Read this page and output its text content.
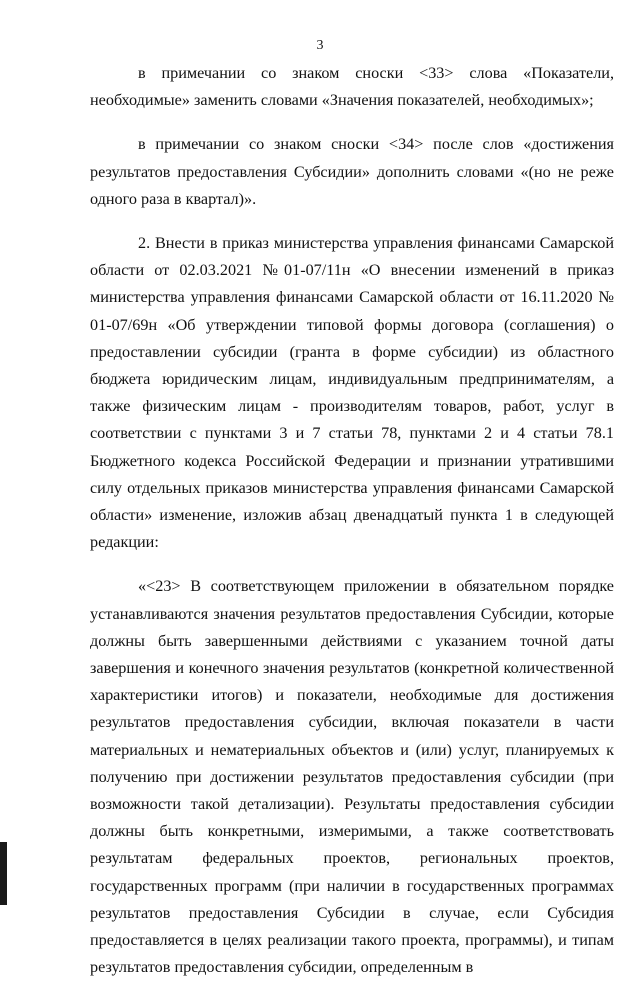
3

в примечании со знаком сноски <33> слова «Показатели, необходимые» заменить словами «Значения показателей, необходимых»;

в примечании со знаком сноски <34> после слов «достижения результатов предоставления Субсидии» дополнить словами «(но не реже одного раза в квартал)».

2. Внести в приказ министерства управления финансами Самарской области от 02.03.2021 №01-07/11н «О внесении изменений в приказ министерства управления финансами Самарской области от 16.11.2020 № 01-07/69н «Об утверждении типовой формы договора (соглашения) о предоставлении субсидии (гранта в форме субсидии) из областного бюджета юридическим лицам, индивидуальным предпринимателям, а также физическим лицам - производителям товаров, работ, услуг в соответствии с пунктами 3 и 7 статьи 78, пунктами 2 и 4 статьи 78.1 Бюджетного кодекса Российской Федерации и признании утратившими силу отдельных приказов министерства управления финансами Самарской области» изменение, изложив абзац двенадцатый пункта 1 в следующей редакции:

«<23> В соответствующем приложении в обязательном порядке устанавливаются значения результатов предоставления Субсидии, которые должны быть завершенными действиями с указанием точной даты завершения и конечного значения результатов (конкретной количественной характеристики итогов) и показатели, необходимые для достижения результатов предоставления субсидии, включая показатели в части материальных и нематериальных объектов и (или) услуг, планируемых к получению при достижении результатов предоставления субсидии (при возможности такой детализации). Результаты предоставления субсидии должны быть конкретными, измеримыми, а также соответствовать результатам федеральных проектов, региональных проектов, государственных программ (при наличии в государственных программах результатов предоставления Субсидии в случае, если Субсидия предоставляется в целях реализации такого проекта, программы), и типам результатов предоставления субсидии, определенным в
